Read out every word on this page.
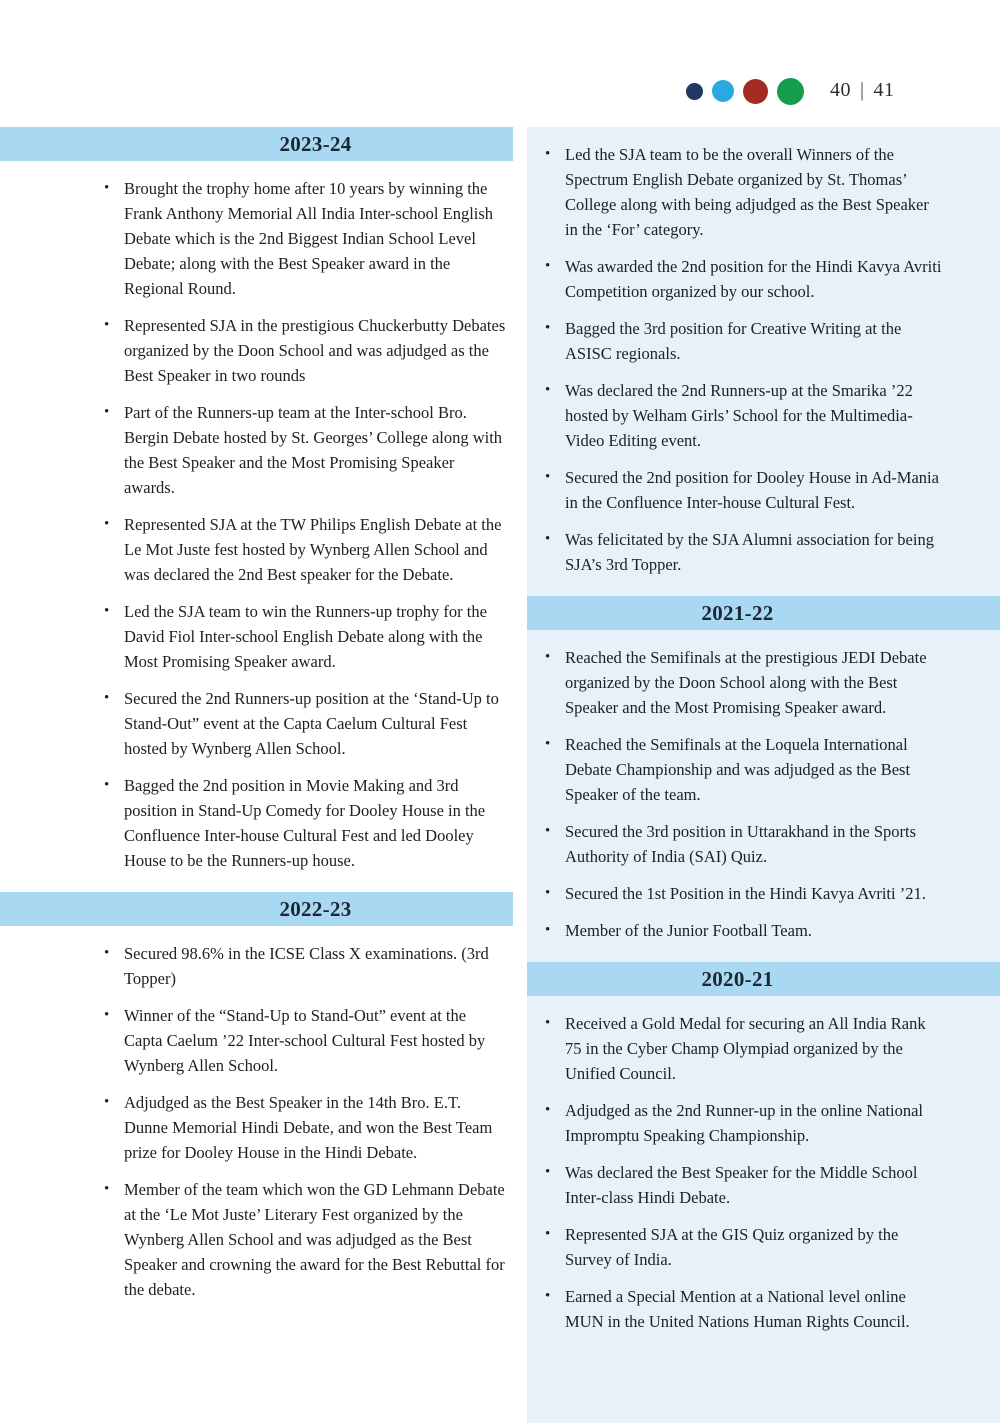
40 | 41
2023-24
• Brought the trophy home after 10 years by winning the Frank Anthony Memorial All India Inter-school English Debate which is the 2nd Biggest Indian School Level Debate; along with the Best Speaker award in the Regional Round.
• Represented SJA in the prestigious Chuckerbutty Debates organized by the Doon School and was adjudged as the Best Speaker in two rounds
• Part of the Runners-up team at the Inter-school Bro. Bergin Debate hosted by St. Georges’ College along with the Best Speaker and the Most Promising Speaker awards.
• Represented SJA at the TW Philips English Debate at the Le Mot Juste fest hosted by Wynberg Allen School and was declared the 2nd Best speaker for the Debate.
• Led the SJA team to win the Runners-up trophy for the David Fiol Inter-school English Debate along with the Most Promising Speaker award.
• Secured the 2nd Runners-up position at the ‘Stand-Up to Stand-Out” event at the Capta Caelum Cultural Fest hosted by Wynberg Allen School.
• Bagged the 2nd position in Movie Making and 3rd position in Stand-Up Comedy for Dooley House in the Confluence Inter-house Cultural Fest and led Dooley House to be the Runners-up house.
2022-23
• Secured 98.6% in the ICSE Class X examinations. (3rd Topper)
• Winner of the “Stand-Up to Stand-Out” event at the Capta Caelum ’22 Inter-school Cultural Fest hosted by Wynberg Allen School.
• Adjudged as the Best Speaker in the 14th Bro. E.T. Dunne Memorial Hindi Debate, and won the Best Team prize for Dooley House in the Hindi Debate.
• Member of the team which won the GD Lehmann Debate at the ‘Le Mot Juste’ Literary Fest organized by the Wynberg Allen School and was adjudged as the Best Speaker and crowning the award for the Best Rebuttal for the debate.
• Led the SJA team to be the overall Winners of the Spectrum English Debate organized by St. Thomas’ College along with being adjudged as the Best Speaker in the ‘For’ category.
• Was awarded the 2nd position for the Hindi Kavya Avriti Competition organized by our school.
• Bagged the 3rd position for Creative Writing at the ASISC regionals.
• Was declared the 2nd Runners-up at the Smarika ’22 hosted by Welham Girls’ School for the Multimedia- Video Editing event.
• Secured the 2nd position for Dooley House in Ad-Mania in the Confluence Inter-house Cultural Fest.
• Was felicitated by the SJA Alumni association for being SJA’s 3rd Topper.
2021-22
• Reached the Semifinals at the prestigious JEDI Debate organized by the Doon School along with the Best Speaker and the Most Promising Speaker award.
• Reached the Semifinals at the Loquela International Debate Championship and was adjudged as the Best Speaker of the team.
• Secured the 3rd position in Uttarakhand in the Sports Authority of India (SAI) Quiz.
• Secured the 1st Position in the Hindi Kavya Avriti ’21.
• Member of the Junior Football Team.
2020-21
• Received a Gold Medal for securing an All India Rank 75 in the Cyber Champ Olympiad organized by the Unified Council.
• Adjudged as the 2nd Runner-up in the online National Impromptu Speaking Championship.
• Was declared the Best Speaker for the Middle School Inter-class Hindi Debate.
• Represented SJA at the GIS Quiz organized by the Survey of India.
• Earned a Special Mention at a National level online MUN in the United Nations Human Rights Council.
